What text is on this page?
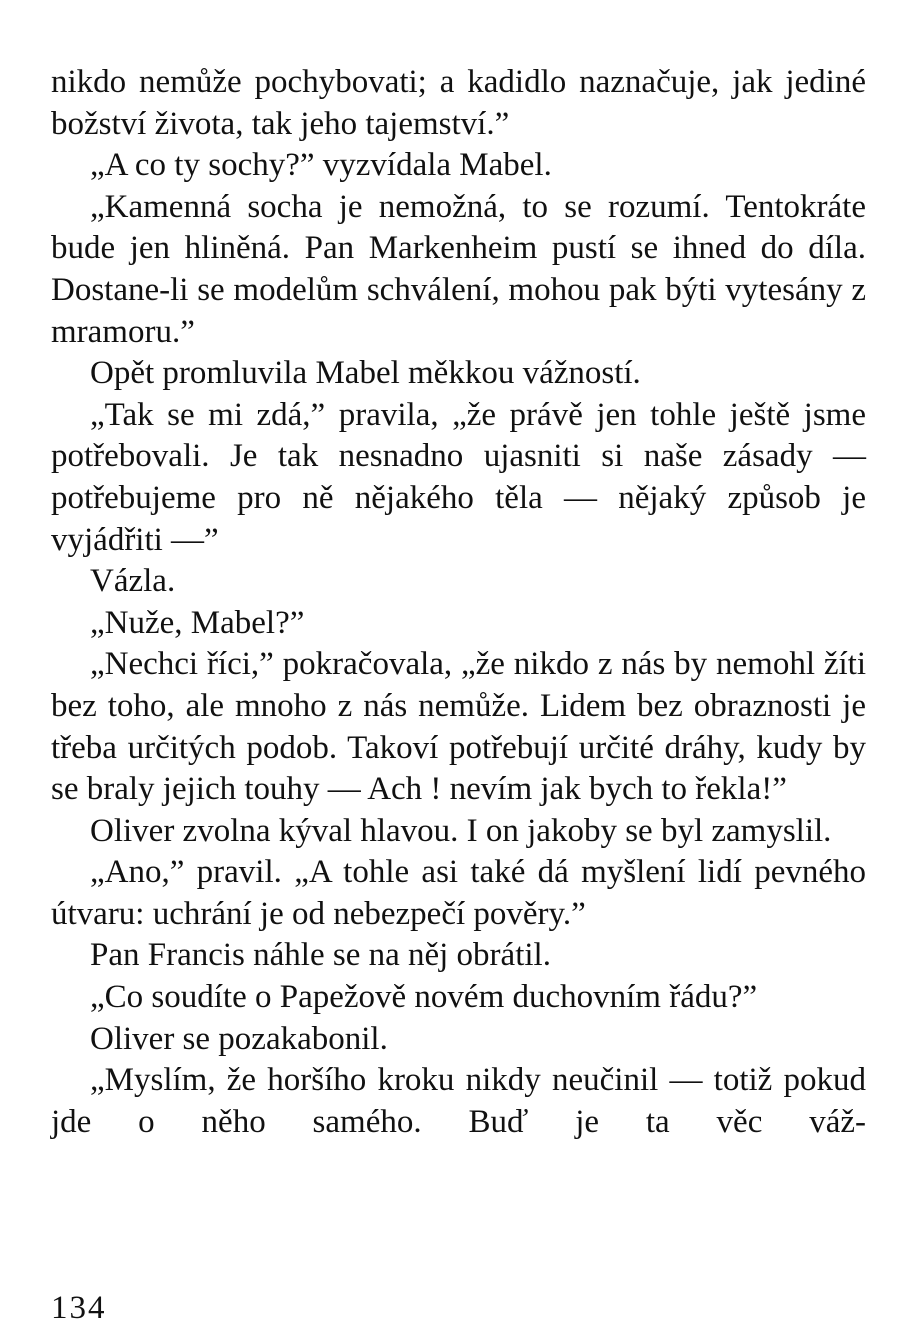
nikdo nemůže pochybovati; a kadidlo naznačuje, jak jediné božství života, tak jeho tajemství.”

„A co ty sochy?” vyzvídala Mabel.

„Kamenná socha je nemožná, to se rozumí. Tentokráte bude jen hliněná. Pan Markenheim pustí se ihned do díla. Dostane-li se modelům schválení, mohou pak býti vytesány z mramoru.”

Opět promluvila Mabel měkkou vážností.

„Tak se mi zdá,” pravila, „že právě jen tohle ještě jsme potřebovali. Je tak nesnadno ujasniti si naše zásady — potřebujeme pro ně nějakého těla — nějaký způsob je vyjádřiti —”

Vázla.

„Nuže, Mabel?”

„Nechci říci,” pokračovala, „že nikdo z nás by nemohl žíti bez toho, ale mnoho z nás nemůže. Lidem bez obraznosti je třeba určitých podob. Takoví potřebují určité dráhy, kudy by se braly jejich touhy — Ach ! nevím jak bych to řekla!”

Oliver zvolna kýval hlavou. I on jakoby se byl zamyslil.

„Ano,” pravil. „A tohle asi také dá myšlení lidí pevného útvaru: uchrání je od nebezpečí pověry.”

Pan Francis náhle se na něj obrátil.

„Co soudíte o Papežově novém duchovním řádu?”

Oliver se pozakabonil.

„Myslím, že horšího kroku nikdy neučinil — totiž pokud jde o něho samého. Buď je ta věc váž-

134
